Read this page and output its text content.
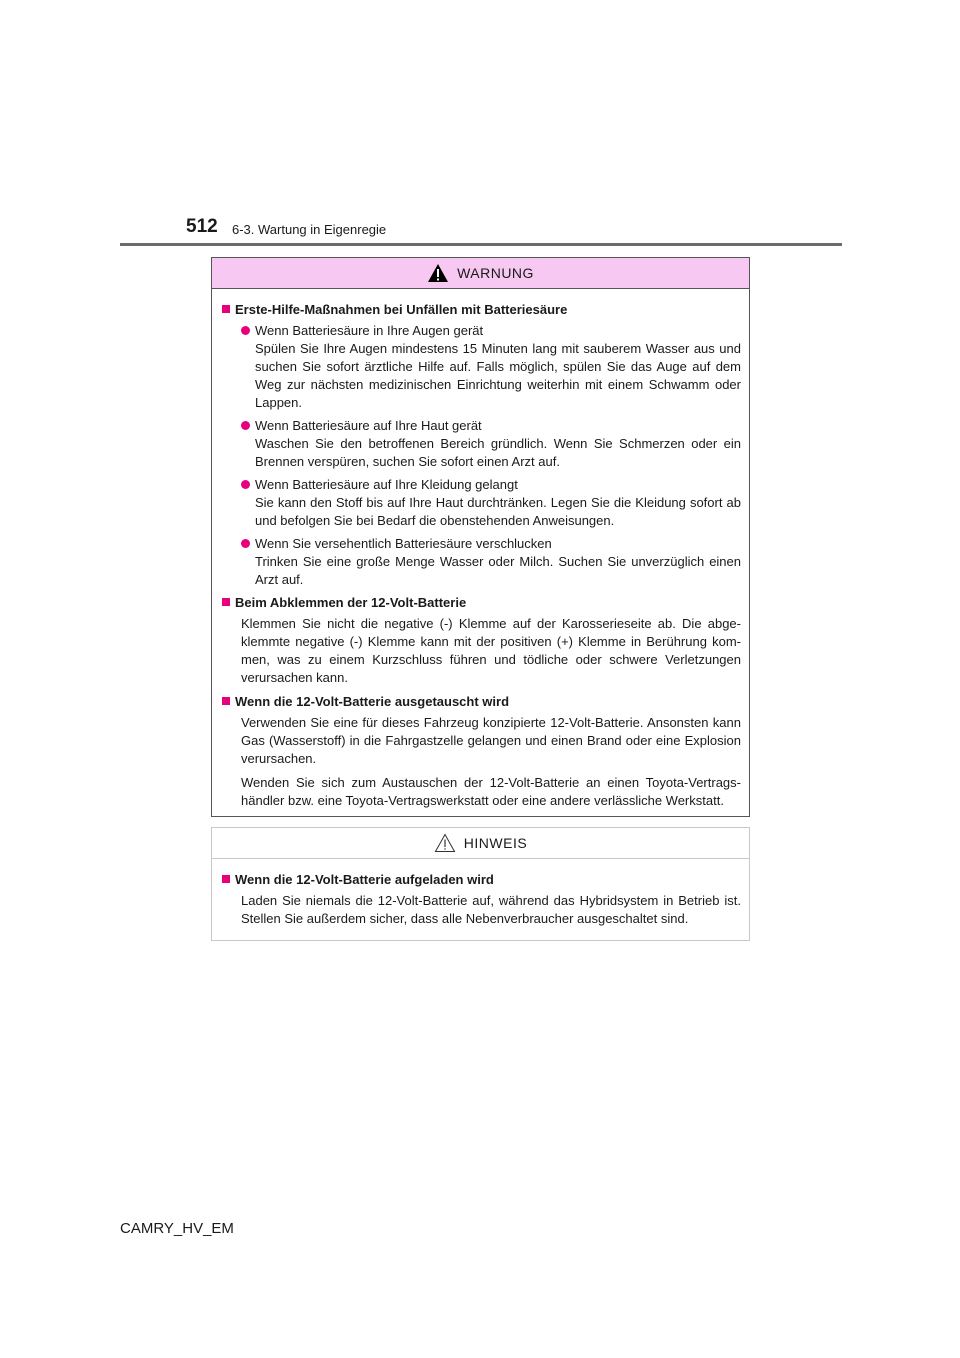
512 6-3. Wartung in Eigenregie
WARNUNG
Erste-Hilfe-Maßnahmen bei Unfällen mit Batteriesäure
Wenn Batteriesäure in Ihre Augen gerät
Spülen Sie Ihre Augen mindestens 15 Minuten lang mit sauberem Wasser aus und suchen Sie sofort ärztliche Hilfe auf. Falls möglich, spülen Sie das Auge auf dem Weg zur nächsten medizinischen Einrichtung weiterhin mit einem Schwamm oder Lappen.
Wenn Batteriesäure auf Ihre Haut gerät
Waschen Sie den betroffenen Bereich gründlich. Wenn Sie Schmerzen oder ein Brennen verspüren, suchen Sie sofort einen Arzt auf.
Wenn Batteriesäure auf Ihre Kleidung gelangt
Sie kann den Stoff bis auf Ihre Haut durchtränken. Legen Sie die Kleidung sofort ab und befolgen Sie bei Bedarf die obenstehenden Anweisungen.
Wenn Sie versehentlich Batteriesäure verschlucken
Trinken Sie eine große Menge Wasser oder Milch. Suchen Sie unverzüglich einen Arzt auf.
Beim Abklemmen der 12-Volt-Batterie
Klemmen Sie nicht die negative (-) Klemme auf der Karosserieseite ab. Die abge-klemmte negative (-) Klemme kann mit der positiven (+) Klemme in Berührung kom-men, was zu einem Kurzschluss führen und tödliche oder schwere Verletzungen verursachen kann.
Wenn die 12-Volt-Batterie ausgetauscht wird
Verwenden Sie eine für dieses Fahrzeug konzipierte 12-Volt-Batterie. Ansonsten kann Gas (Wasserstoff) in die Fahrgastzelle gelangen und einen Brand oder eine Explosion verursachen.
Wenden Sie sich zum Austauschen der 12-Volt-Batterie an einen Toyota-Vertrags-händler bzw. eine Toyota-Vertragswerkstatt oder eine andere verlässliche Werkstatt.
HINWEIS
Wenn die 12-Volt-Batterie aufgeladen wird
Laden Sie niemals die 12-Volt-Batterie auf, während das Hybridsystem in Betrieb ist. Stellen Sie außerdem sicher, dass alle Nebenverbraucher ausgeschaltet sind.
CAMRY_HV_EM
